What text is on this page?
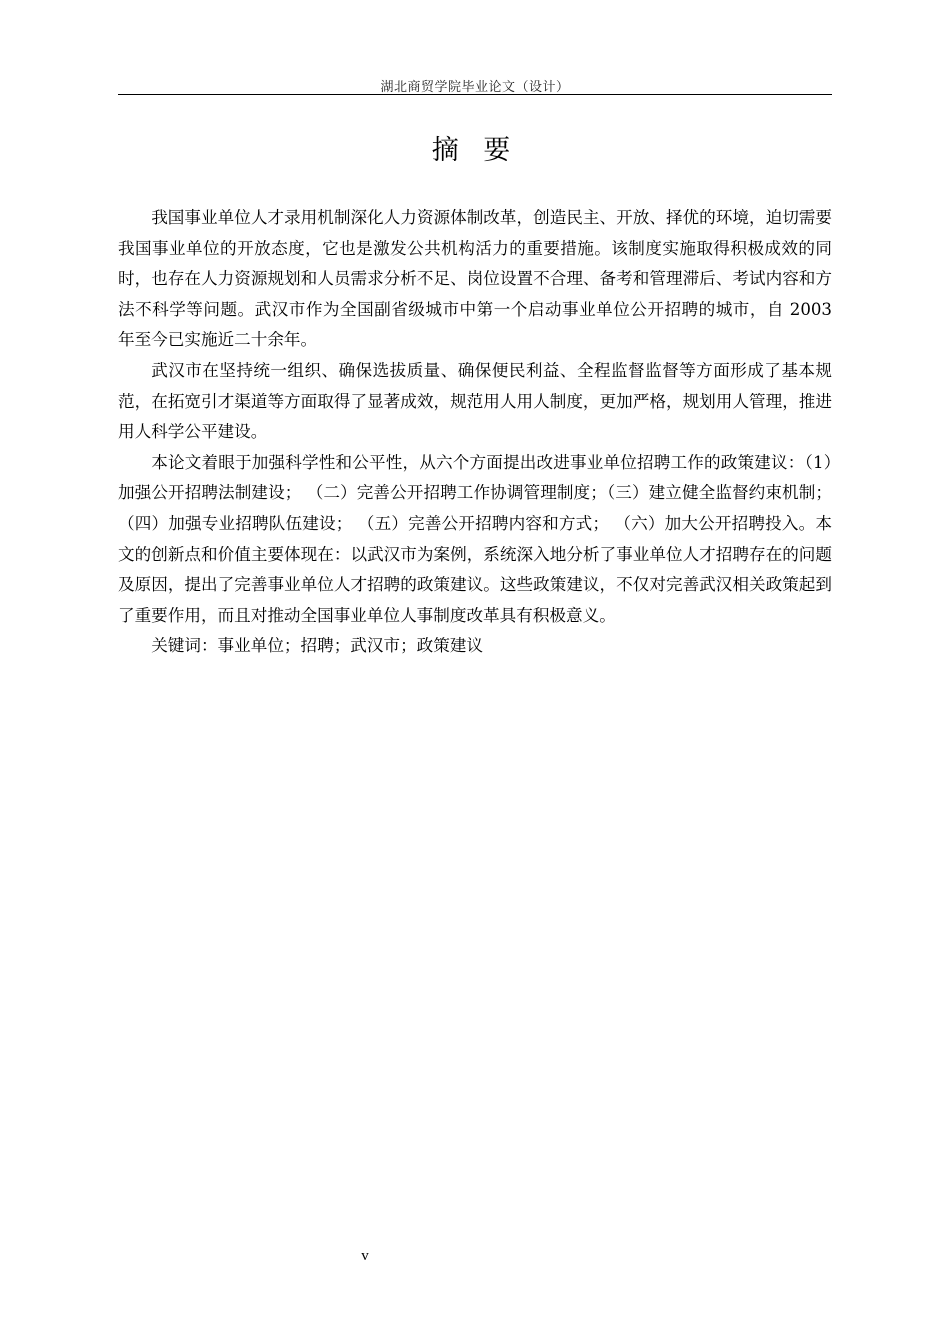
湖北商贸学院毕业论文（设计）
摘 要

我国事业单位人才录用机制深化人力资源体制改革，创造民主、开放、择优的环境，迫切需要我国事业单位的开放态度，它也是激发公共机构活力的重要措施。该制度实施取得积极成效的同时，也存在人力资源规划和人员需求分析不足、岗位设置不合理、备考和管理滞后、考试内容和方法不科学等问题。武汉市作为全国副省级城市中第一个启动事业单位公开招聘的城市，自 2003 年至今已实施近二十余年。

武汉市在坚持统一组织、确保选拔质量、确保便民利益、全程监督监督等方面形成了基本规范，在拓宽引才渠道等方面取得了显著成效，规范用人用人制度，更加严格，规划用人管理，推进用人科学公平建设。

本论文着眼于加强科学性和公平性，从六个方面提出改进事业单位招聘工作的政策建议：（1）加强公开招聘法制建设； （二）完善公开招聘工作协调管理制度；（三）建立健全监督约束机制； （四）加强专业招聘队伍建设； （五）完善公开招聘内容和方式； （六）加大公开招聘投入。本文的创新点和价值主要体现在：以武汉市为案例，系统深入地分析了事业单位人才招聘存在的问题及原因，提出了完善事业单位人才招聘的政策建议。这些政策建议，不仅对完善武汉相关政策起到了重要作用，而且对推动全国事业单位人事制度改革具有积极意义。

关键词：事业单位；招聘；武汉市；政策建议

v
